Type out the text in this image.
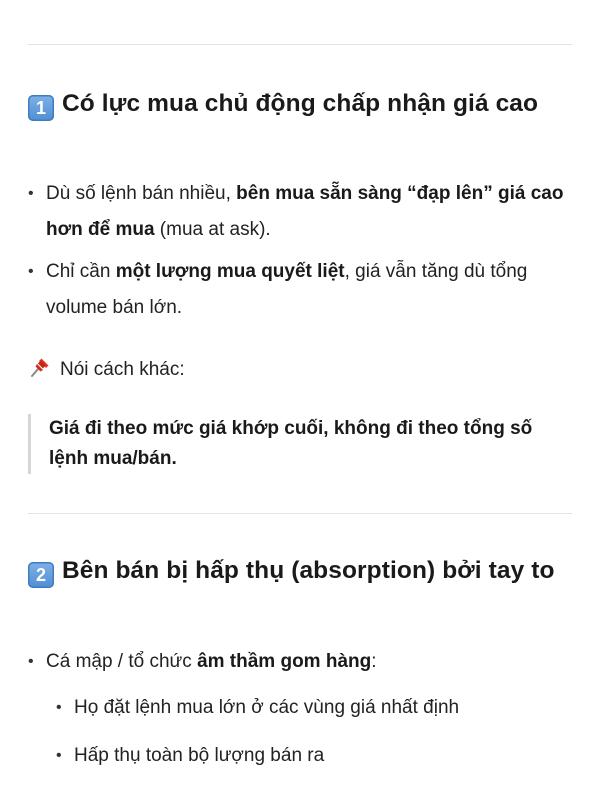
1 Có lực mua chủ động chấp nhận giá cao
• Dù số lệnh bán nhiều, bên mua sẵn sàng “đạp lên” giá cao hơn để mua (mua at ask).
• Chỉ cần một lượng mua quyết liệt, giá vẫn tăng dù tổng volume bán lớn.
Nói cách khác:
Giá đi theo mức giá khớp cuối, không đi theo tổng số lệnh mua/bán.
2 Bên bán bị hấp thụ (absorption) bởi tay to
• Cá mập / tổ chức âm thầm gom hàng:
• Họ đặt lệnh mua lớn ở các vùng giá nhất định
• Hấp thụ toàn bộ lượng bán ra
